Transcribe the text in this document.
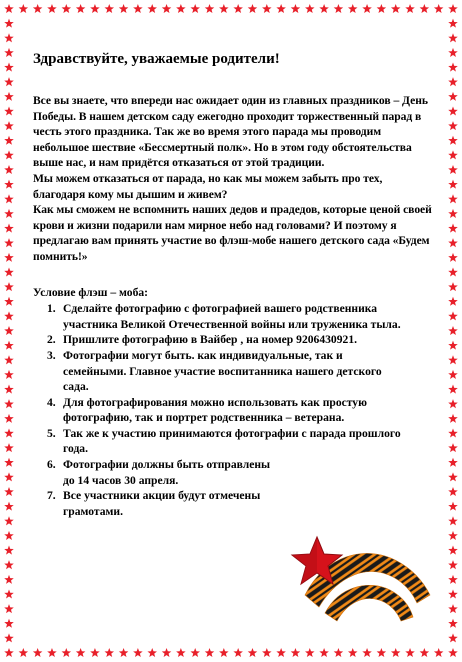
Здравствуйте, уважаемые родители!

Все вы знаете, что впереди нас ожидает один из главных праздников – День Победы. В нашем детском саду ежегодно проходит торжественный парад в честь этого праздника. Так же во время этого парада мы проводим небольшое шествие «Бессмертный полк». Но в этом году обстоятельства выше нас, и нам придётся отказаться от этой традиции.

Мы можем отказаться от парада, но как мы можем забыть про тех, благодаря кому мы дышим и живем?

Как мы сможем не вспомнить наших дедов и прадедов, которые ценой своей крови и жизни подарили нам мирное небо над головами? И поэтому я предлагаю вам принять участие во флэш-мобе нашего детского сада «Будем помнить!»

Условие флэш – моба:
1. Сделайте фотографию с фотографией вашего родственника участника Великой Отечественной войны или труженика тыла.
2. Пришлите фотографию в Вайбер , на номер 9206430921.
3. Фотографии могут быть. как индивидуальные, так и семейными. Главное участие воспитанника нашего детского сада.
4. Для фотографирования можно использовать как простую фотографию, так и портрет родственника – ветерана.
5. Так же к участию принимаются фотографии с парада прошлого года.
6. Фотографии должны быть отправлены до 14 часов 30 апреля.
7. Все участники акции будут отмечены грамотами.
